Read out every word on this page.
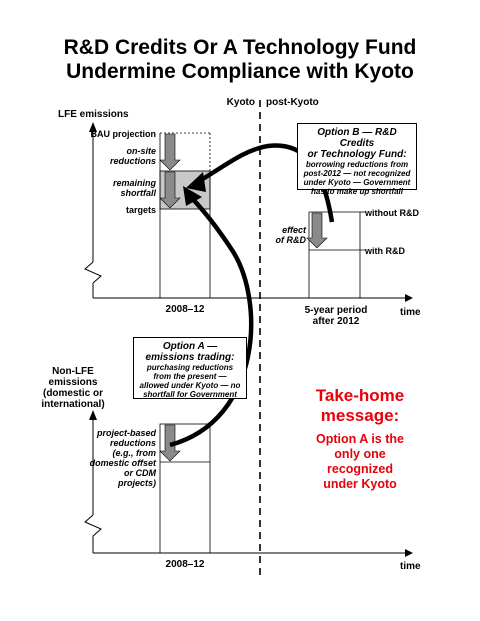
R&D Credits Or A Technology Fund
Undermine Compliance with Kyoto
Kyoto post-Kyoto
LFE emissions
BAU projection
on-site
reductions
remaining
shortfall
targets
2008–12	5-year period
after 2012
time
without R&D
with R&D
effect
of R&D
Option B — R&D Credits
or Technology Fund:
borrowing reductions from
post-2012 — not recognized
under Kyoto — Government
has to make up shortfall
Option A —
emissions trading:
purchasing reductions
from the present —
allowed under Kyoto — no
shortfall for Government
Non-LFE
emissions
(domestic or
international)
project-based
reductions
(e.g., from
domestic offset
or CDM projects)
2008–12	time
Take-home
message:
Option A is the
only one
recognized
under Kyoto
